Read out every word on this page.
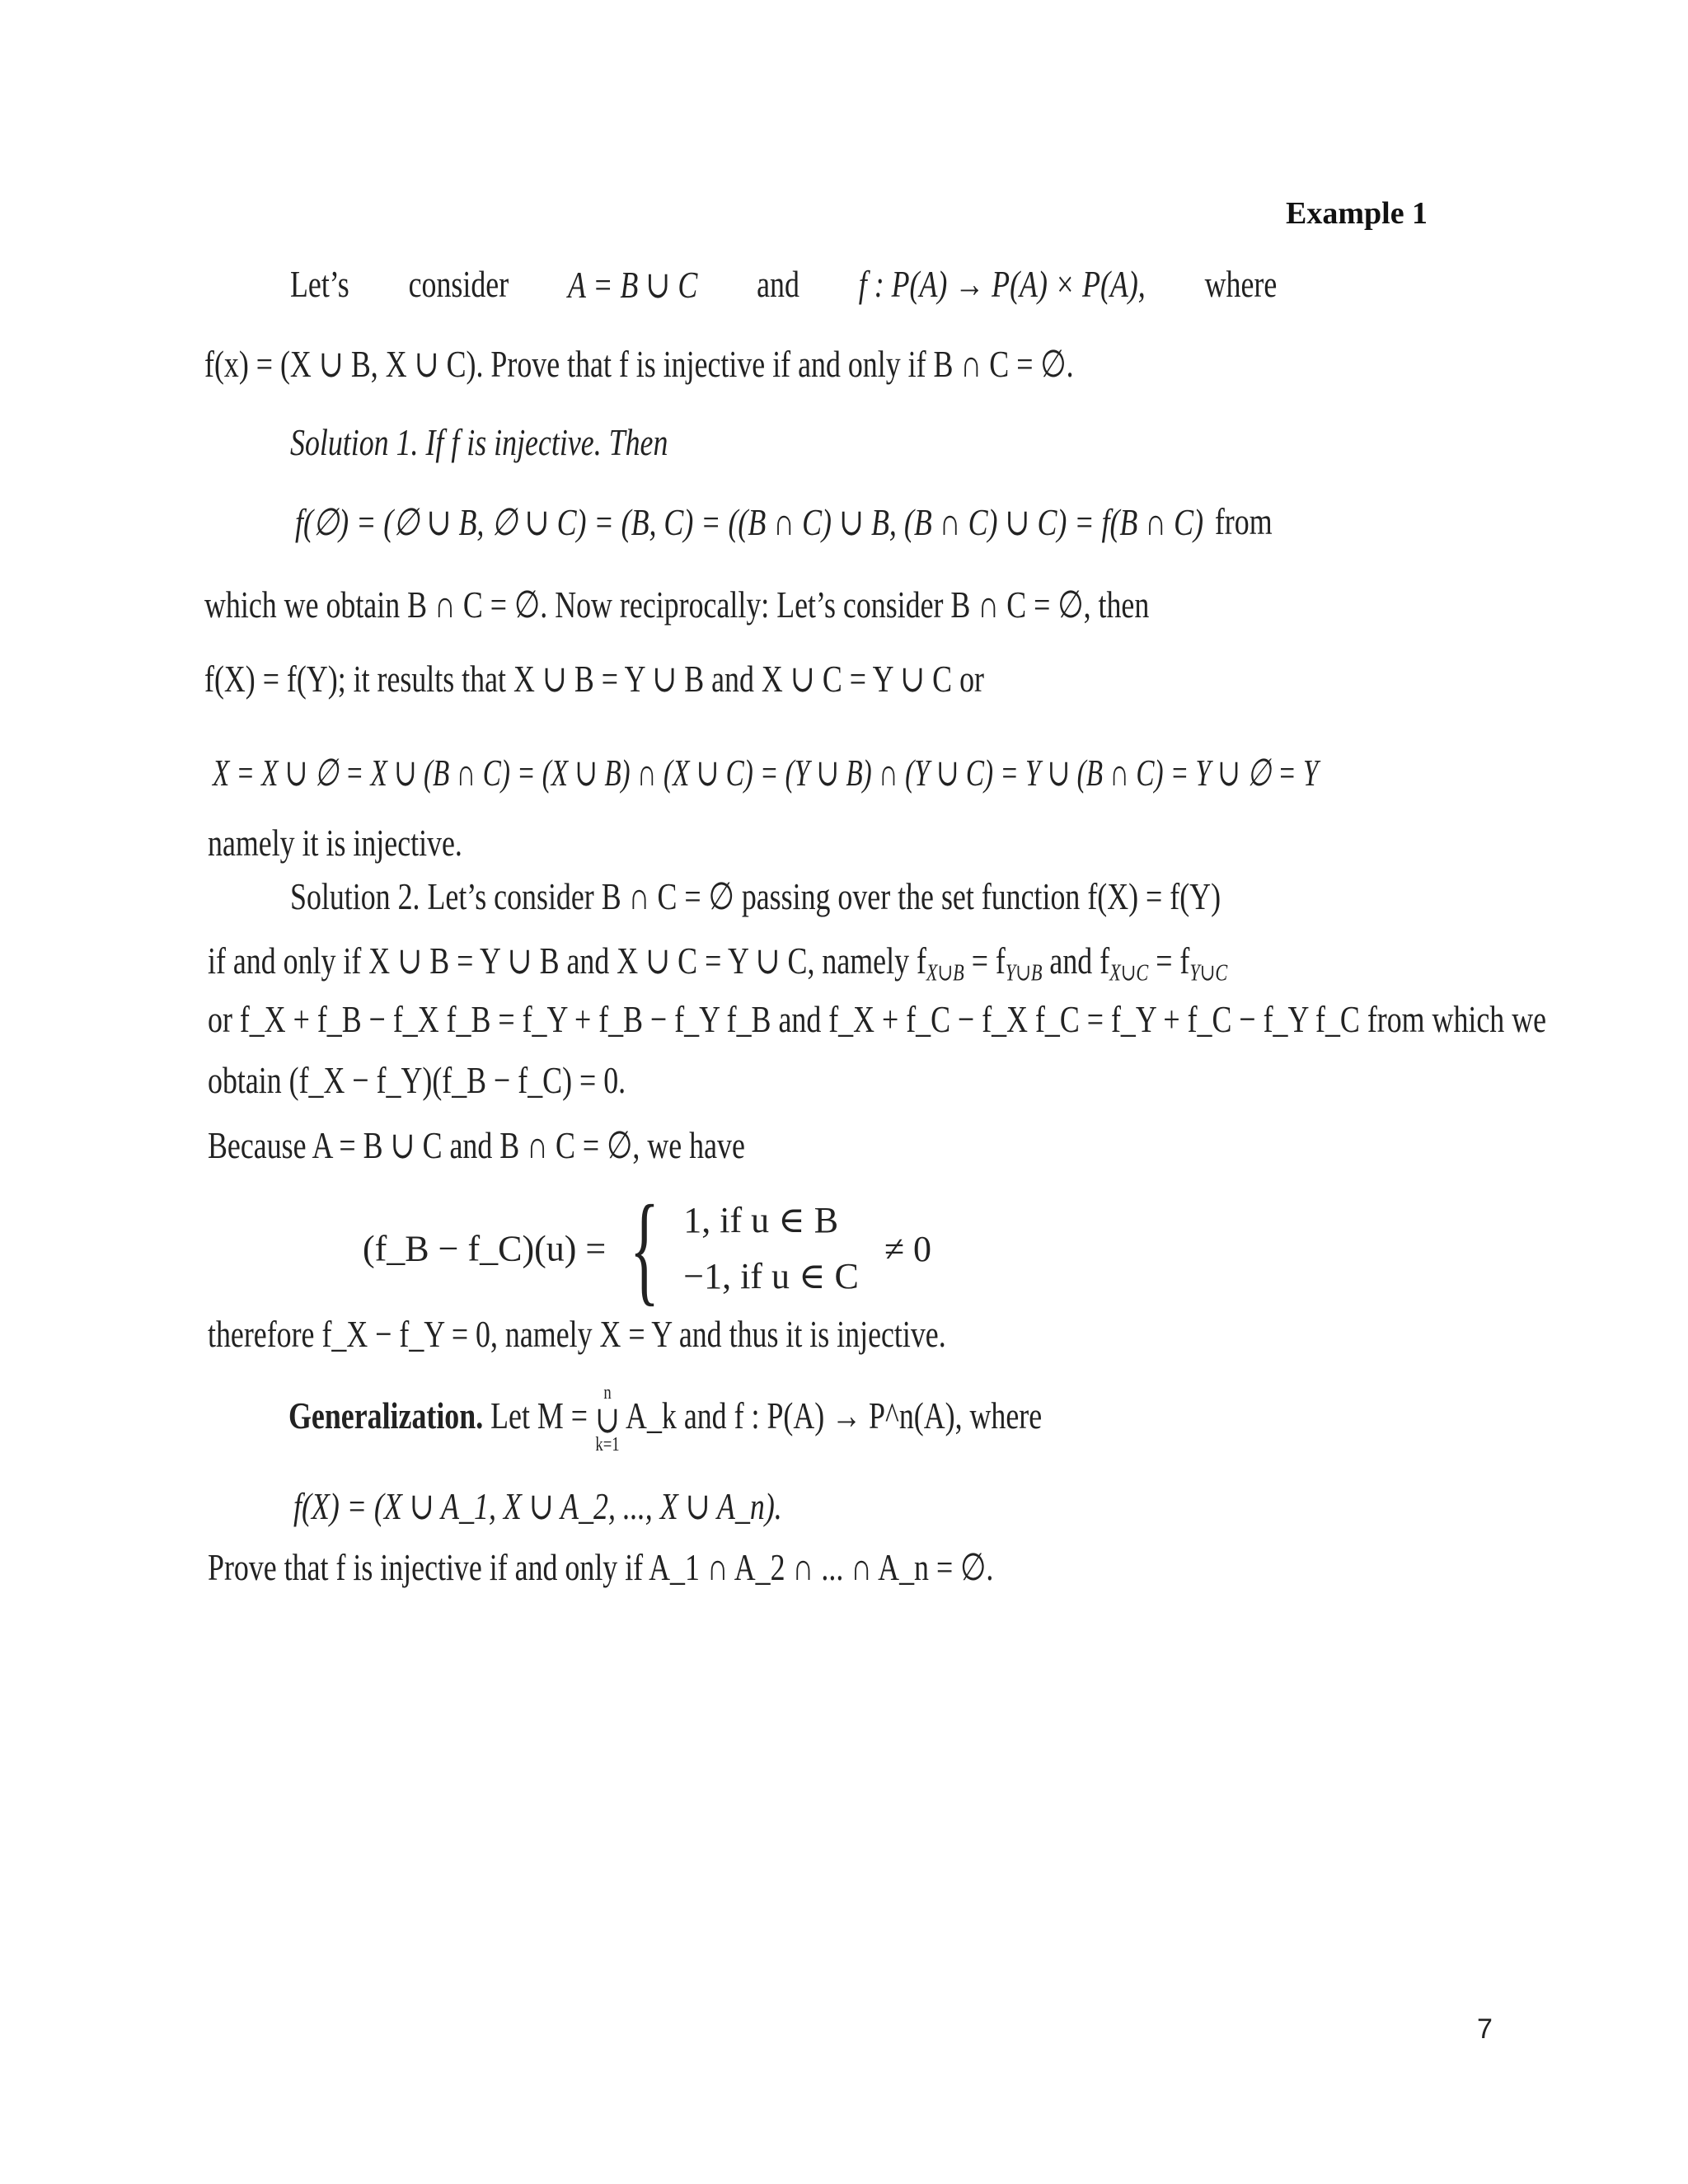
Example 1
Let’s consider A = B ∪ C and f : P(A) → P(A) × P(A), where
f(x) = (X ∪ B, X ∪ C). Prove that f is injective if and only if B ∩ C = ∅.
Solution 1. If f is injective. Then
f(∅) = (∅ ∪ B, ∅ ∪ C) = (B, C) = ((B ∩ C) ∪ B, (B ∩ C) ∪ C) = f(B ∩ C) from
which we obtain B ∩ C = ∅. Now reciprocally: Let’s consider B ∩ C = ∅, then
f(X) = f(Y); it results that X ∪ B = Y ∪ B and X ∪ C = Y ∪ C or
X = X ∪ ∅ = X ∪ (B ∩ C) = (X ∪ B) ∩ (X ∪ C) = (Y ∪ B) ∩ (Y ∪ C) = Y ∪ (B ∩ C) = Y ∪ ∅ = Y
namely it is injective.
Solution 2. Let’s consider B ∩ C = ∅ passing over the set function f(X) = f(Y)
if and only if X ∪ B = Y ∪ B and X ∪ C = Y ∪ C, namely $f_{X\cup B} = f_{Y\cup B}$ and $f_{X\cup C} = f_{Y\cup C}$
or f_X + f_B − f_X f_B = f_Y + f_B − f_Y f_B and f_X + f_C − f_X f_C = f_Y + f_C − f_Y f_C from which we
obtain (f_X − f_Y)(f_B − f_C) = 0.
Because A = B ∪ C and B ∩ C = ∅, we have
(f_B − f_C)(u) = { 1, if u ∈ B
−1, if u ∈ C
≠ 0
therefore f_X − f_Y = 0, namely X = Y and thus it is injective.
Generalization. Let M =
n
∪
k=1
A_k and f : P(A) → P^n(A), where
f(X) = (X ∪ A_1, X ∪ A_2, ..., X ∪ A_n).
Prove that f is injective if and only if A_1 ∩ A_2 ∩ ... ∩ A_n = ∅.
7
